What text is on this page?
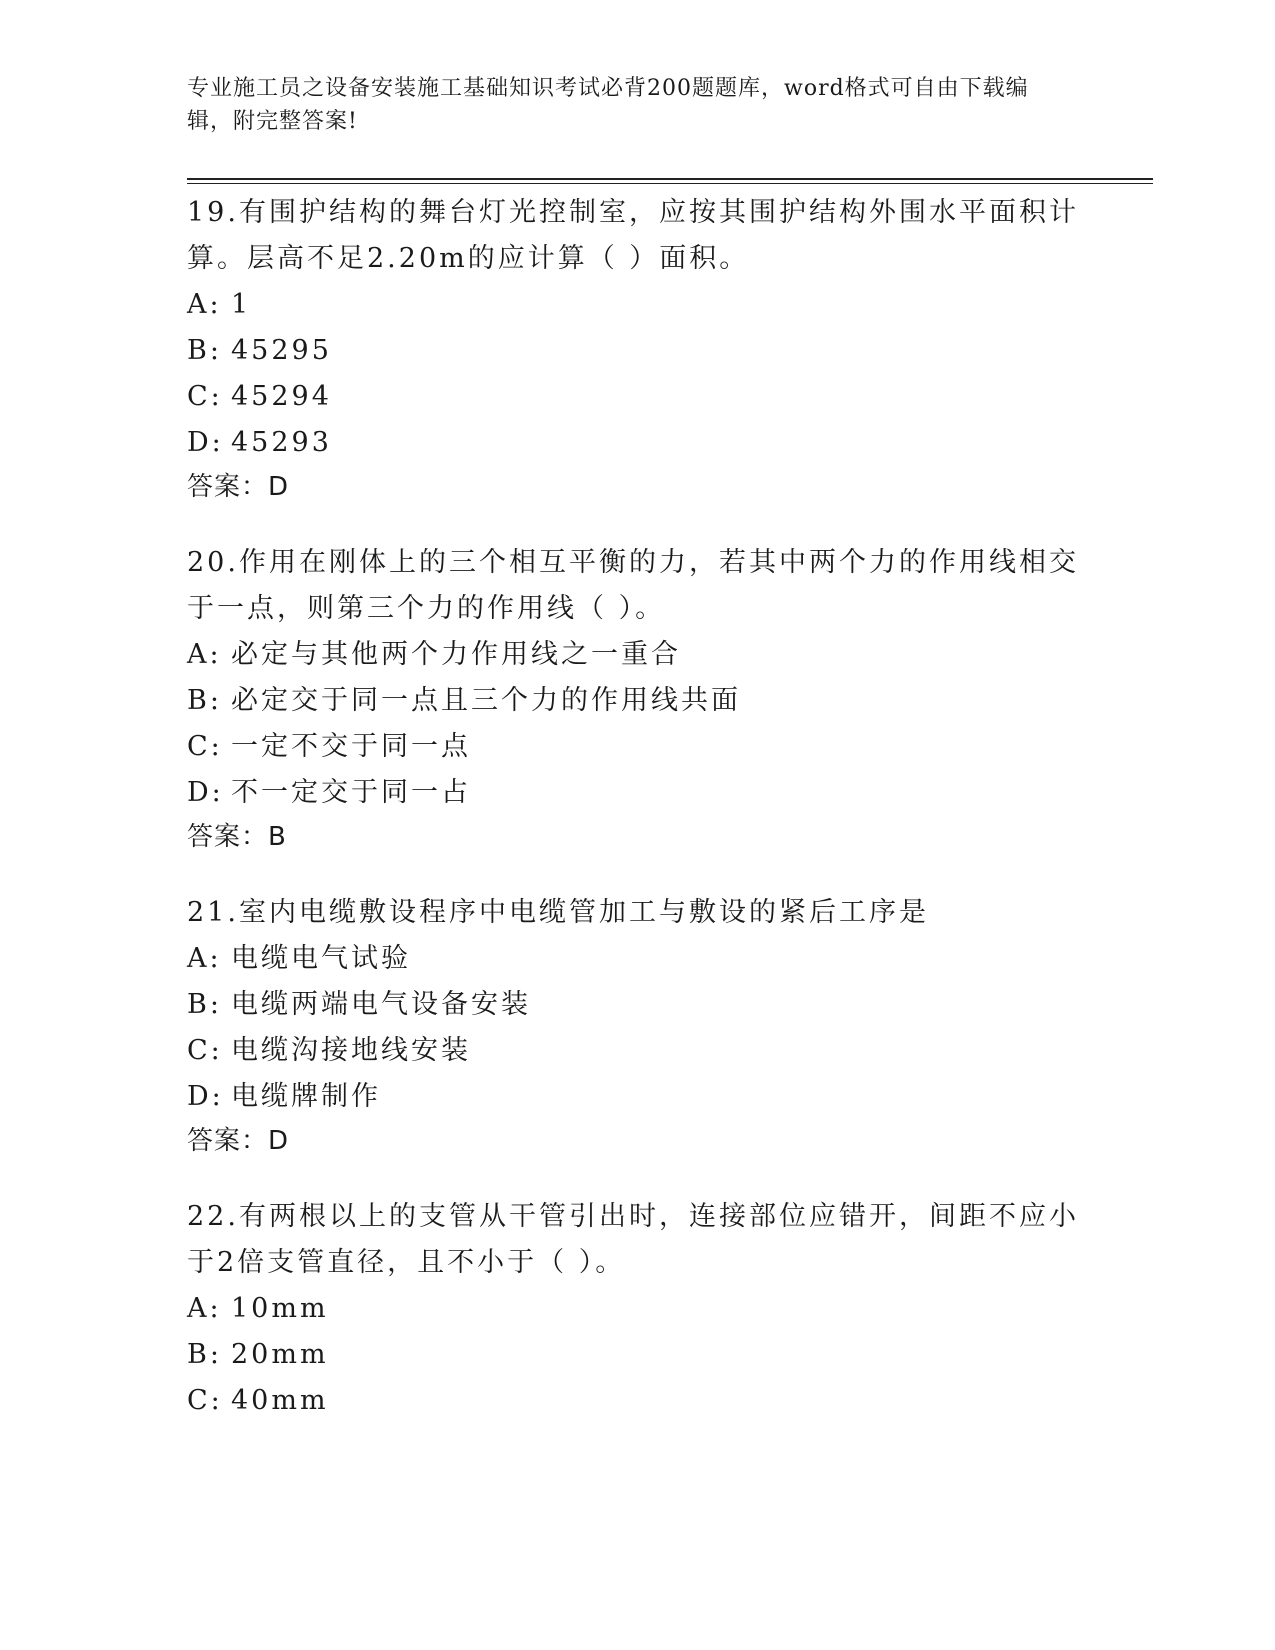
专业施工员之设备安装施工基础知识考试必背200题题库，word格式可自由下载编辑，附完整答案!

19.有围护结构的舞台灯光控制室，应按其围护结构外围水平面积计算。层高不足2.20m的应计算（ ）面积。

A: 1

B: 45295

C: 45294

D: 45293

答案：D

20.作用在刚体上的三个相互平衡的力，若其中两个力的作用线相交于一点，则第三个力的作用线（ ）。

A: 必定与其他两个力作用线之一重合

B: 必定交于同一点且三个力的作用线共面

C: 一定不交于同一点

D: 不一定交于同一占

答案：B

21.室内电缆敷设程序中电缆管加工与敷设的紧后工序是

A: 电缆电气试验

B: 电缆两端电气设备安装

C: 电缆沟接地线安装

D: 电缆牌制作

答案：D

22.有两根以上的支管从干管引出时，连接部位应错开，间距不应小于2倍支管直径，且不小于（ ）。

A: 10mm

B: 20mm

C: 40mm
